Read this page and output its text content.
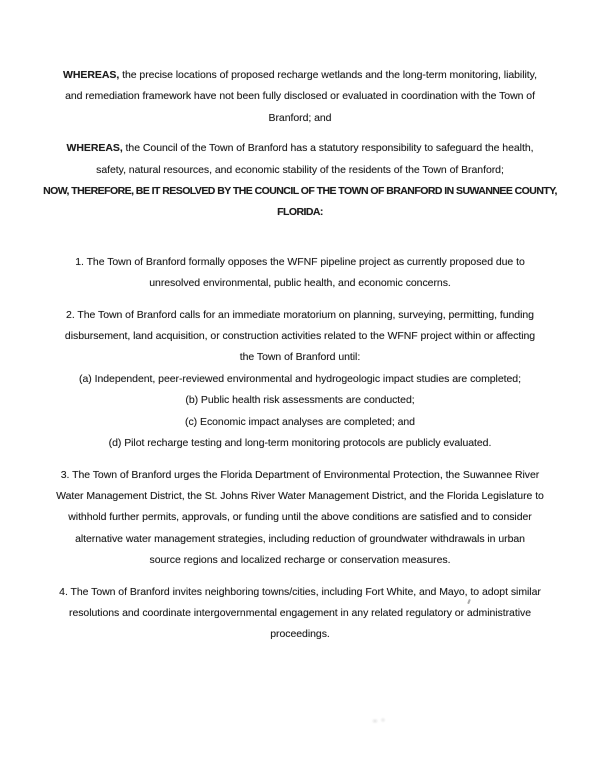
WHEREAS, the precise locations of proposed recharge wetlands and the long-term monitoring, liability,
and remediation framework have not been fully disclosed or evaluated in coordination with the Town of
Branford; and
WHEREAS, the Council of the Town of Branford has a statutory responsibility to safeguard the health,
safety, natural resources, and economic stability of the residents of the Town of Branford;
NOW, THEREFORE, BE IT RESOLVED BY THE COUNCIL OF THE TOWN OF BRANFORD IN SUWANNEE COUNTY,
FLORIDA:
1. The Town of Branford formally opposes the WFNF pipeline project as currently proposed due to
unresolved environmental, public health, and economic concerns.
2. The Town of Branford calls for an immediate moratorium on planning, surveying, permitting, funding
disbursement, land acquisition, or construction activities related to the WFNF project within or affecting
the Town of Branford until:
(a) Independent, peer-reviewed environmental and hydrogeologic impact studies are completed;
(b) Public health risk assessments are conducted;
(c) Economic impact analyses are completed; and
(d) Pilot recharge testing and long-term monitoring protocols are publicly evaluated.
3. The Town of Branford urges the Florida Department of Environmental Protection, the Suwannee River
Water Management District, the St. Johns River Water Management District, and the Florida Legislature to
withhold further permits, approvals, or funding until the above conditions are satisfied and to consider
alternative water management strategies, including reduction of groundwater withdrawals in urban
source regions and localized recharge or conservation measures.
4. The Town of Branford invites neighboring towns/cities, including Fort White, and Mayo, to adopt similar
resolutions and coordinate intergovernmental engagement in any related regulatory or administrative
proceedings.
